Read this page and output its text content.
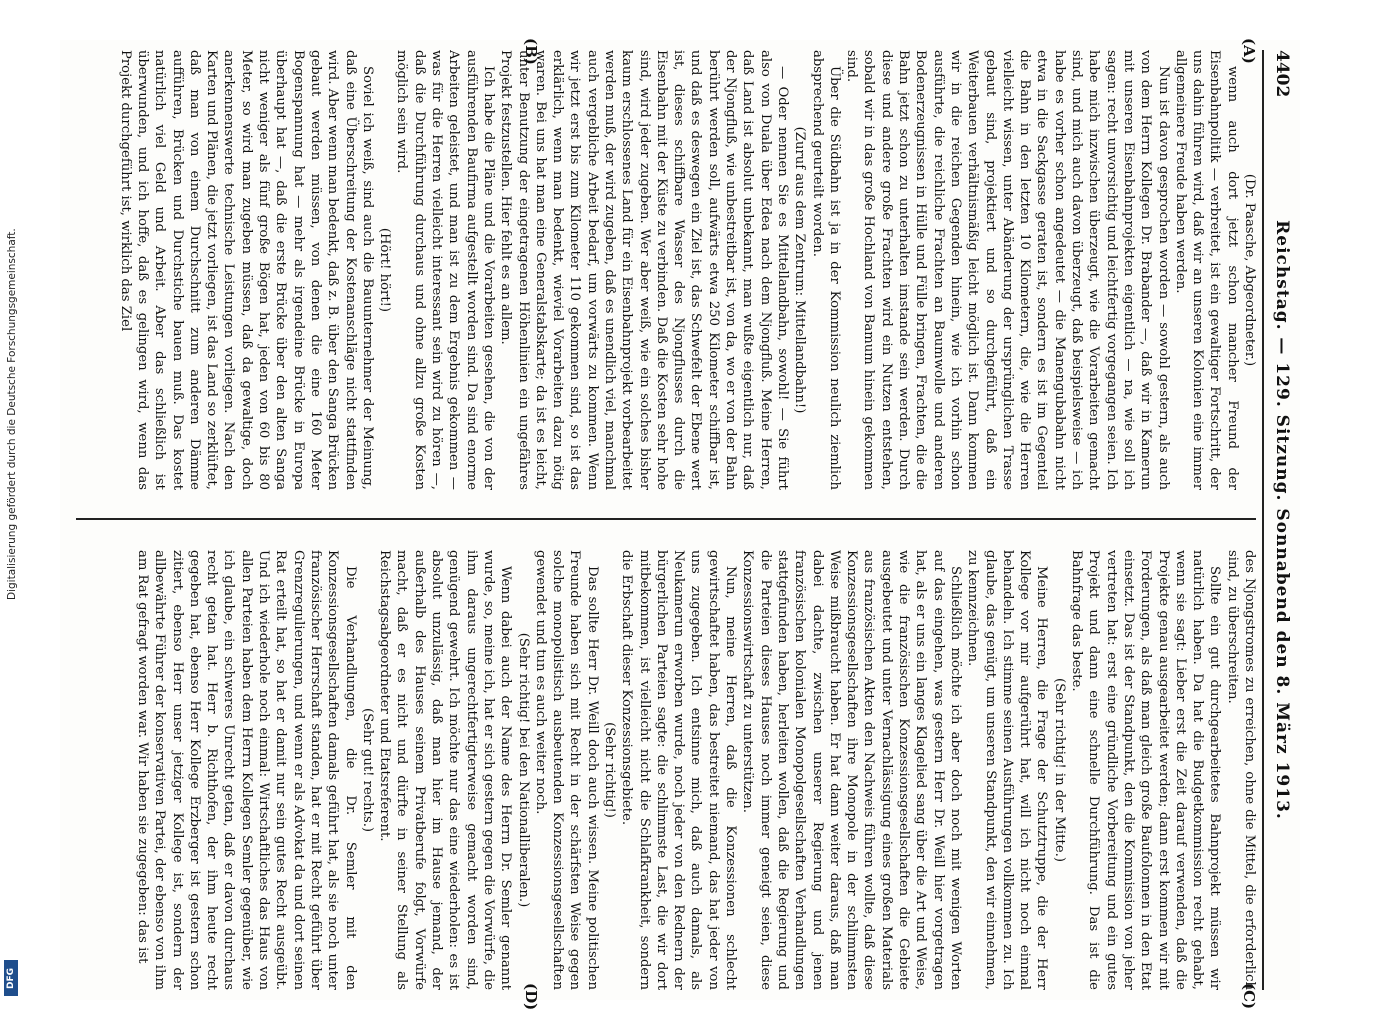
4402
Reichstag. — 129. Sitzung. Sonnabend den 8. März 1913.
(A)
(B)
(C)
(D)

(Dr. Paasche, Abgeordneter.)

wenn auch dort jetzt schon mancher Freund der Eisenbahnpolitik — verbreitet, ist ein gewaltiger Fortschritt, der uns dahin führen wird, daß wir an unseren Kolonien eine immer allgemeinere Freude haben werden.

Nun ist davon gesprochen worden — sowohl gestern, als auch von dem Herrn Kollegen Dr. Brabander —, daß wir in Kamerun mit unseren Eisenbahnprojekten eigentlich — na, wie soll ich sagen: recht unvorsichtig und leichtfertig vorgegangen seien. Ich habe mich inzwischen überzeugt, wie die Vorarbeiten gemacht sind, und mich auch davon überzeugt, daß beispielsweise — ich habe es vorher schon angedeutet — die Manengubabahn nicht etwa in die Sackgasse geraten ist, sondern es ist im Gegenteil die Bahn in den letzten 10 Kilometern, die, wie die Herren vielleicht wissen, unter Abänderung der ursprünglichen Trasse gebaut sind, projektiert und so durchgeführt, daß ein Weiterbauen verhältnismäßig leicht möglich ist. Dann kommen wir in die reichen Gegenden hinein, wie ich vorhin schon ausführte, die reichliche Frachten an Baumwolle und anderen Bodenerzeugnissen in Hülle und Fülle bringen, Frachten, die die Bahn jetzt schon zu unterhalten imstande sein werden. Durch diese und andere große Frachten wird ein Nutzen entstehen, sobald wir in das große Hochland von Bamum hinein gekommen sind.

Über die Südbahn ist ja in der Kommission neulich ziemlich absprechend geurteilt worden.

(Zuruf aus dem Zentrum: Mittellandbahn!)

— Oder nennen Sie es Mittellandbahn, sowohl! — Sie führt also von Duala über Edea nach dem Njongfluß. Meine Herren, daß Land ist absolut unbekannt, man wußte eigentlich nur, daß der Njongfluß, wie unbestreitbar ist, von da, wo er von der Bahn berührt werden soll, aufwärts etwa 250 Kilometer schiffbar ist, und daß es deswegen ein Ziel ist, das Schwefelt der Ebene wert ist, dieses schiffbare Wasser des Njongflusses durch die Eisenbahn mit der Küste zu verbinden. Daß die Kosten sehr hohe sind, wird jeder zugeben. Wer aber weiß, wie ein solches bisher kaum erschlossenes Land für ein Eisenbahnprojekt vorbearbeitet werden muß, der wird zugeben, daß es unendlich viel, manchmal auch vergebliche Arbeit bedarf, um vorwärts zu kommen. Wenn wir jetzt erst bis zum Kilometer 110 gekommen sind, so ist das erklärlich, wenn man bedenkt, wieviel Vorarbeiten dazu nötig waren. Bei uns hat man eine Generalstabskarte; da ist es leicht, unter Benutzung der eingetragenen Höhenlinien ein ungefähres Projekt festzustellen. Hier fehlt es an allem.

Ich habe die Pläne und die Vorarbeiten gesehen, die von der ausführenden Baufirma aufgestellt worden sind. Da sind enorme Arbeiten geleistet, und man ist zu dem Ergebnis gekommen — was für die Herren vielleicht interessant sein wird zu hören —, daß die Durchführung durchaus und ohne allzu große Kosten möglich sein wird.

(Hört! hört!)

Soviel ich weiß, sind auch die Bauunternehmer der Meinung, daß eine Überschreitung der Kostenanschläge nicht stattfinden wird. Aber wenn man bedenkt, daß z. B. über den Sanga Brücken gebaut werden müssen, von denen die eine 160 Meter Bogenspannung hat — mehr als irgendeine Brücke in Europa überhaupt hat —, daß die erste Brücke über den alten Sanga nicht weniger als fünf große Bögen hat, jeden von 60 bis 80 Meter, so wird man zugeben müssen, daß da gewaltige, doch anerkennenswerte technische Leistungen vorliegen. Nach den Karten und Plänen, die jetzt vorliegen, ist das Land so zerklüftet, daß man von einem Durchschnitt zum anderen Dämme aufführen, Brücken und Durchstiche bauen muß. Das kostet natürlich viel Geld und Arbeit. Aber das schließlich ist überwunden, und ich hoffe, daß es gelingen wird, wenn das Projekt durchgeführt ist, wirklich das Ziel

des Njongstromes zu erreichen, ohne die Mittel, die erforderlich sind, zu überschreiten.

Sollte ein gut durchgearbeitetes Bahnprojekt müssen wir natürlich haben. Da hat die Budgetkommission recht gehabt, wenn sie sagt: Lieber erst die Zeit darauf verwenden, daß die Projekte genau ausgearbeitet werden; dann erst kommen wir mit Forderungen, als daß man gleich große Baufolonnen in den Etat einsetzt. Das ist der Standpunkt, den die Kommission von jeher vertreten hat: erst eine gründliche Vorbereitung und ein gutes Projekt und dann eine schnelle Durchführung. Das ist die Bahnfrage das beste.

(Sehr richtig! in der Mitte.)

Meine Herren, die Frage der Schutztruppe, die der Herr Kollege vor mir aufgerührt hat, will ich nicht noch einmal behandeln. Ich stimme seinen Ausführungen vollkommen zu. Ich glaube, das genügt, um unseren Standpunkt, den wir einnehmen, zu kennzeichnen.

Schließlich möchte ich aber doch noch mit wenigen Worten auf das eingehen, was gestern Herr Dr. Weill hier vorgetragen hat, als er uns ein langes Klagelied sang über die Art und Weise, wie die französischen Konzessionsgesellschaften die Gebiete ausgebeutet und unter Vernachlässigung eines großen Materials aus französischen Akten den Nachweis führen wollte, daß diese Konzessionsgesellschaften ihre Monopole in der schlimmsten Weise mißbraucht haben. Er hat dann weiter daraus, daß man dabei dachte, zwischen unserer Regierung und jenen französischen kolonialen Monopolgesellschaften Verhandlungen stattgefunden haben, herleiten wollen, daß die Regierung und die Parteien dieses Hauses noch immer geneigt seien, diese Konzessionswirtschaft zu unterstützen.

Nun, meine Herren, daß die Konzessionen schlecht gewirtschaftet haben, das bestreitet niemand, das hat jeder von uns zugegeben. Ich entsinne mich, daß auch damals, als Neukamerun erworben wurde, noch jeder von den Rednern der bürgerlichen Parteien sagte: die schlimmste Last, die wir dort mitbekommen, ist vielleicht nicht die Schlafkrankheit, sondern die Erbschaft dieser Konzessionsgebiete.

(Sehr richtig!)

Das sollte Herr Dr. Weill doch auch wissen. Meine politischen Freunde haben sich mit Recht in der schärfsten Weise gegen solche monopolistisch ausbeutenden Konzessionsgesellschaften gewendet und tun es auch weiter noch.

(Sehr richtig! bei den Nationalliberalen.)

Wenn dabei auch der Name des Herrn Dr. Semler genannt wurde, so, meine ich, hat er sich gestern gegen die Vorwürfe, die ihm daraus ungerechtfertigterweise gemacht worden sind, genügend gewehrt. Ich möchte nur das eine wiederholen: es ist absolut unzulässig, daß man hier im Hause jemand, der außerhalb des Hauses seinem Privatberufe folgt, Vorwürfe macht, daß er es nicht und dürfte in seiner Stellung als Reichstagsabgeordneter und Etatsreferent.

(Sehr gut! rechts.)

Die Verhandlungen, die Dr. Semler mit den Konzessionsgesellschaften damals geführt hat, als sie noch unter französischer Herrschaft standen, hat er mit Recht geführt über Grenzregulierungen, und wenn er als Advokat da und dort seinen Rat erteilt hat, so hat er damit nur sein gutes Recht ausgeübt. Und ich wiederhole noch einmal: Wirtschaftliches das Haus von allen Parteien haben dem Herrn Kollegen Semler gegenüber, wie ich glaube, ein schweres Unrecht getan, daß er davon durchaus recht getan hat. Herr b. Richthofen, der ihm heute recht gegeben hat, ebenso Herr Kollege Erzberger ist gestern schon zitiert, ebenso Herr unser jetziger Kollege ist, sondern der allbewährte Führer der konservativen Partei, der ebenso von ihm am Rat gefragt worden war. Wir haben sie zugegeben: das ist

Digitalisierung gefördert durch die Deutsche Forschungsgemeinschaft.
DFG
